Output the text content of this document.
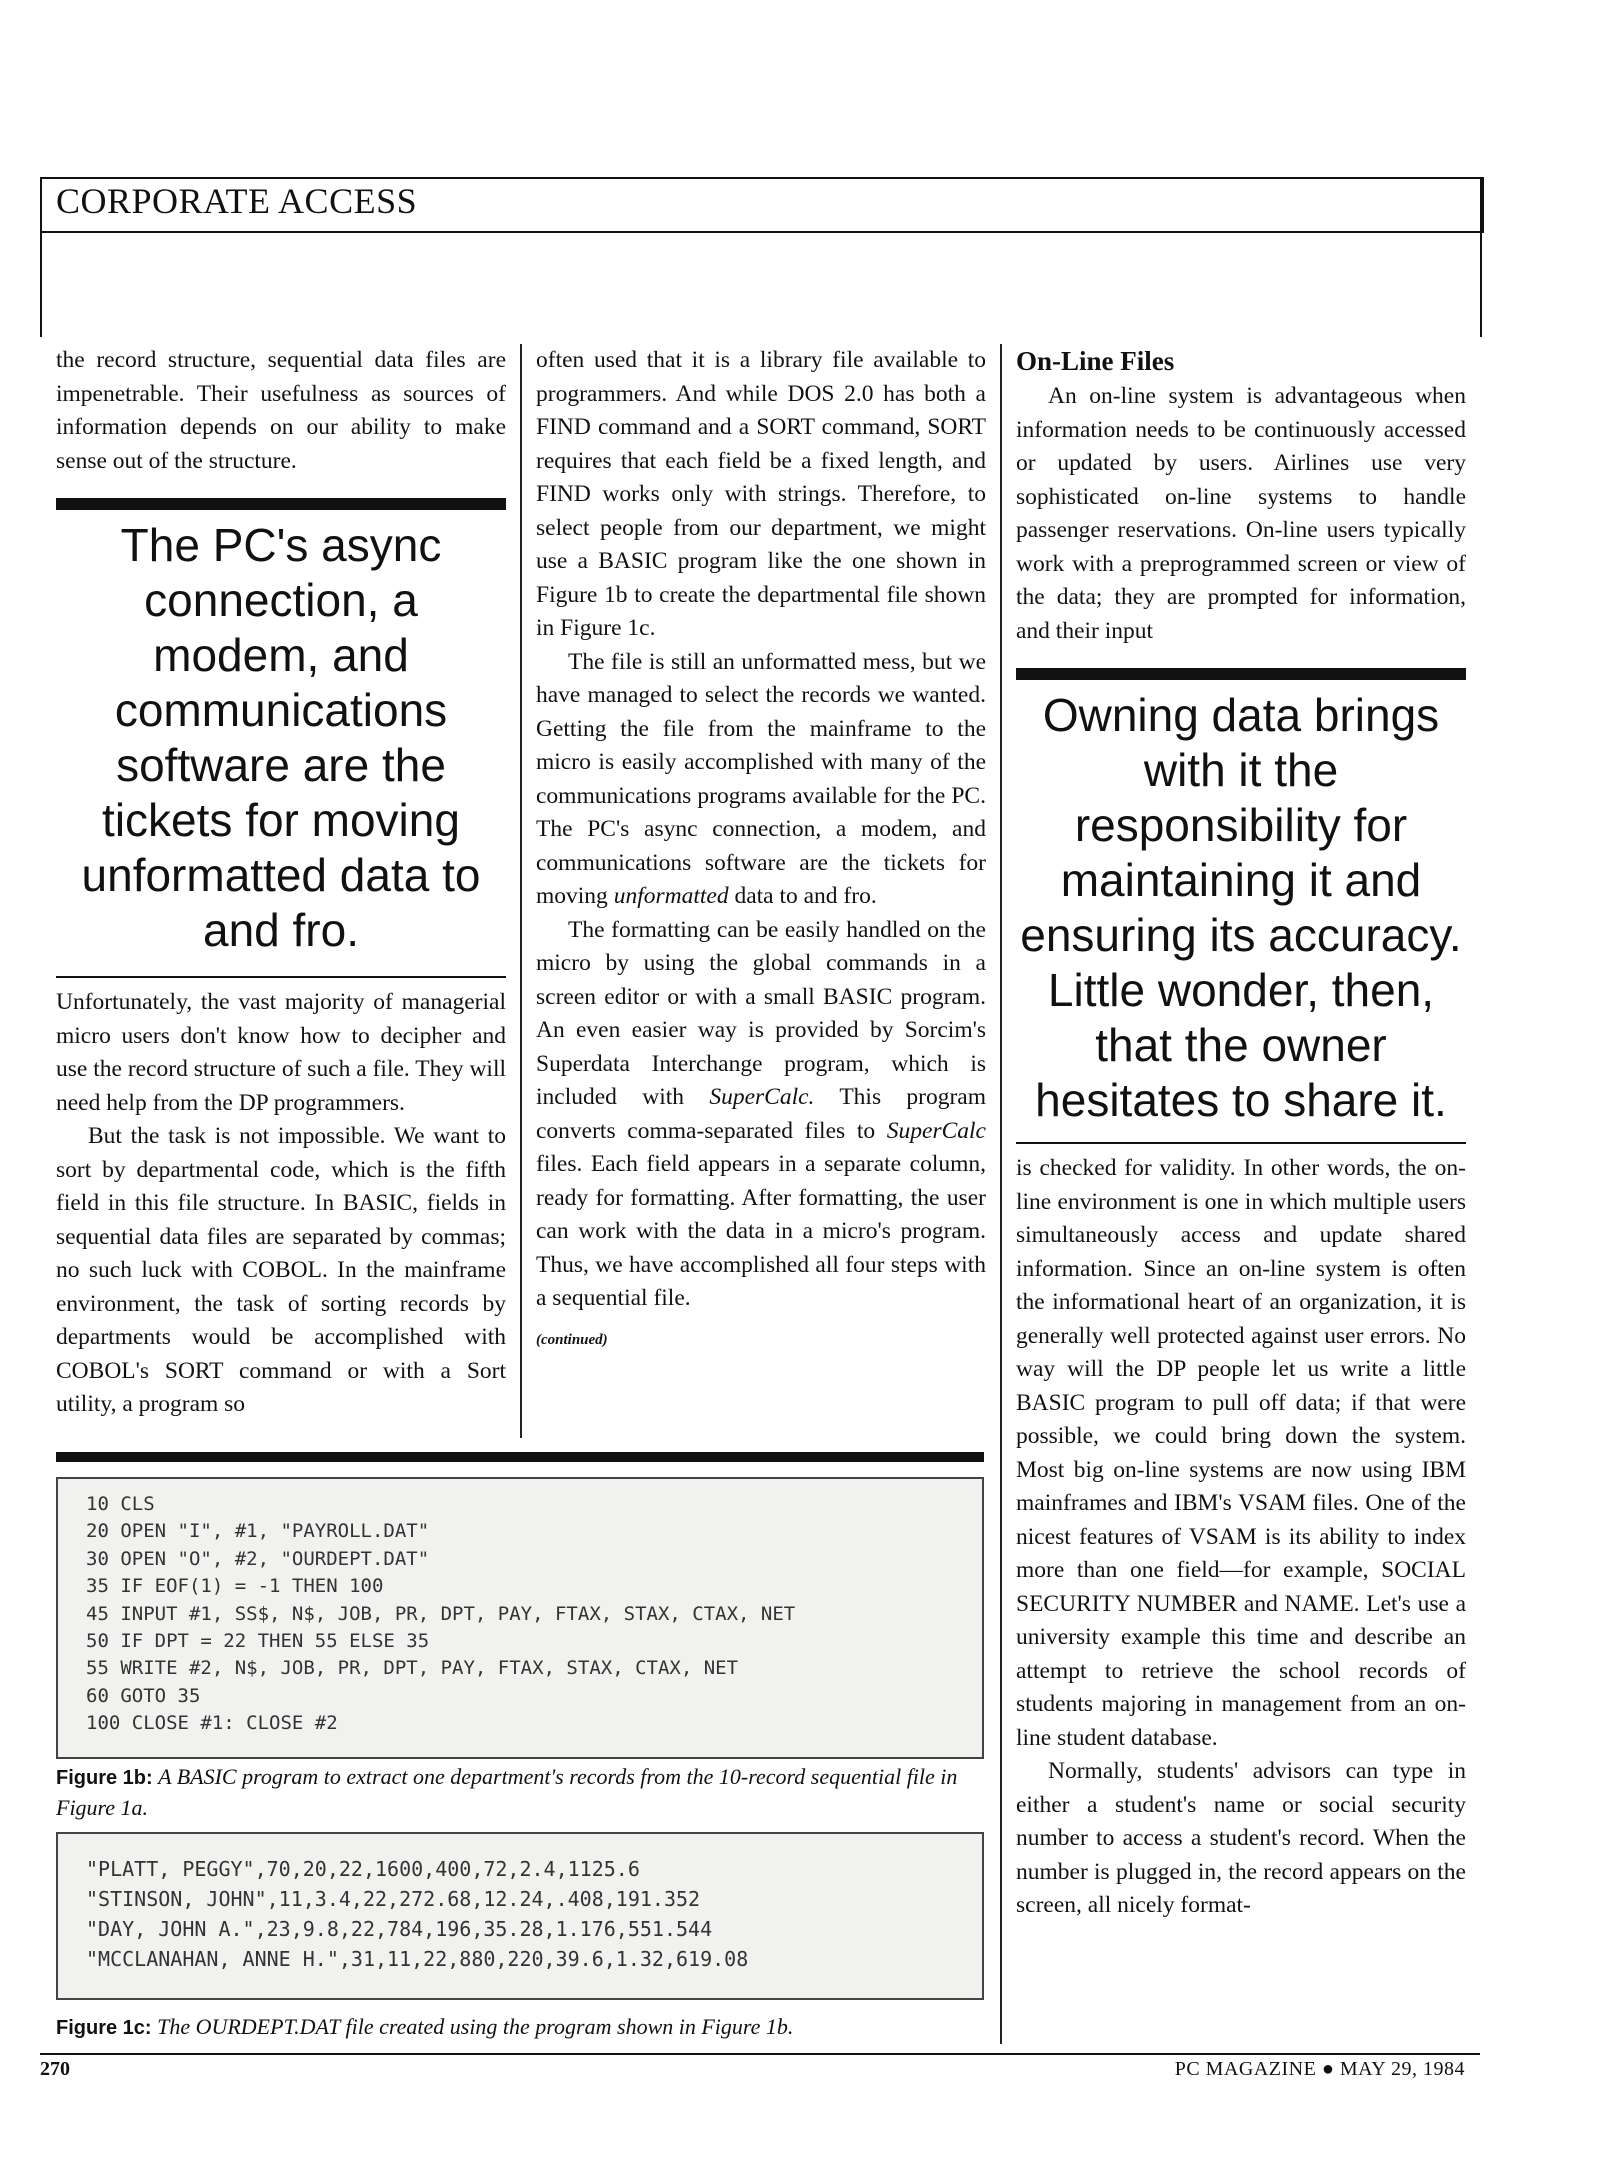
CORPORATE ACCESS

the record structure, sequential data files are impenetrable. Their usefulness as sources of information depends on our ability to make sense out of the structure.

The PC's async connection, a modem, and communications software are the tickets for moving unformatted data to and fro.

Unfortunately, the vast majority of managerial micro users don't know how to decipher and use the record structure of such a file. They will need help from the DP programmers.

But the task is not impossible. We want to sort by departmental code, which is the fifth field in this file structure. In BASIC, fields in sequential data files are separated by commas; no such luck with COBOL. In the mainframe environment, the task of sorting records by departments would be accomplished with COBOL's SORT command or with a Sort utility, a program so

often used that it is a library file available to programmers. And while DOS 2.0 has both a FIND command and a SORT command, SORT requires that each field be a fixed length, and FIND works only with strings. Therefore, to select people from our department, we might use a BASIC program like the one shown in Figure 1b to create the departmental file shown in Figure 1c.

The file is still an unformatted mess, but we have managed to select the records we wanted. Getting the file from the mainframe to the micro is easily accomplished with many of the communications programs available for the PC. The PC's async connection, a modem, and communications software are the tickets for moving unformatted data to and fro.

The formatting can be easily handled on the micro by using the global commands in a screen editor or with a small BASIC program. An even easier way is provided by Sorcim's Superdata Interchange program, which is included with SuperCalc. This program converts comma-separated files to SuperCalc files. Each field appears in a separate column, ready for formatting. After formatting, the user can work with the data in a micro's program. Thus, we have accomplished all four steps with a sequential file.

(continued)
On-Line Files

An on-line system is advantageous when information needs to be continuously accessed or updated by users. Airlines use very sophisticated on-line systems to handle passenger reservations. On-line users typically work with a preprogrammed screen or view of the data; they are prompted for information, and their input

Owning data brings with it the responsibility for maintaining it and ensuring its accuracy. Little wonder, then, that the owner hesitates to share it.

is checked for validity. In other words, the on-line environment is one in which multiple users simultaneously access and update shared information. Since an on-line system is often the informational heart of an organization, it is generally well protected against user errors. No way will the DP people let us write a little BASIC program to pull off data; if that were possible, we could bring down the system. Most big on-line systems are now using IBM mainframes and IBM's VSAM files. One of the nicest features of VSAM is its ability to index more than one field—for example, SOCIAL SECURITY NUMBER and NAME. Let's use a university example this time and describe an attempt to retrieve the school records of students majoring in management from an on-line student database.

Normally, students' advisors can type in either a student's name or social security number to access a student's record. When the number is plugged in, the record appears on the screen, all nicely format-

10 CLS
20 OPEN "I", #1, "PAYROLL.DAT"
30 OPEN "O", #2, "OURDEPT.DAT"
35 IF EOF(1) = -1 THEN 100
45 INPUT #1, SS$, N$, JOB, PR, DPT, PAY, FTAX, STAX, CTAX, NET
50 IF DPT = 22 THEN 55 ELSE 35
55 WRITE #2, N$, JOB, PR, DPT, PAY, FTAX, STAX, CTAX, NET
60 GOTO 35
100 CLOSE #1: CLOSE #2
Figure 1b: A BASIC program to extract one department's records from the 10-record sequential file in Figure 1a.
"PLATT, PEGGY",70,20,22,1600,400,72,2.4,1125.6
"STINSON, JOHN",11,3.4,22,272.68,12.24,.408,191.352
"DAY, JOHN A.",23,9.8,22,784,196,35.28,1.176,551.544
"MCCLANAHAN, ANNE H.",31,11,22,880,220,39.6,1.32,619.08
Figure 1c: The OURDEPT.DAT file created using the program shown in Figure 1b.
270	PC MAGAZINE ● MAY 29, 1984
